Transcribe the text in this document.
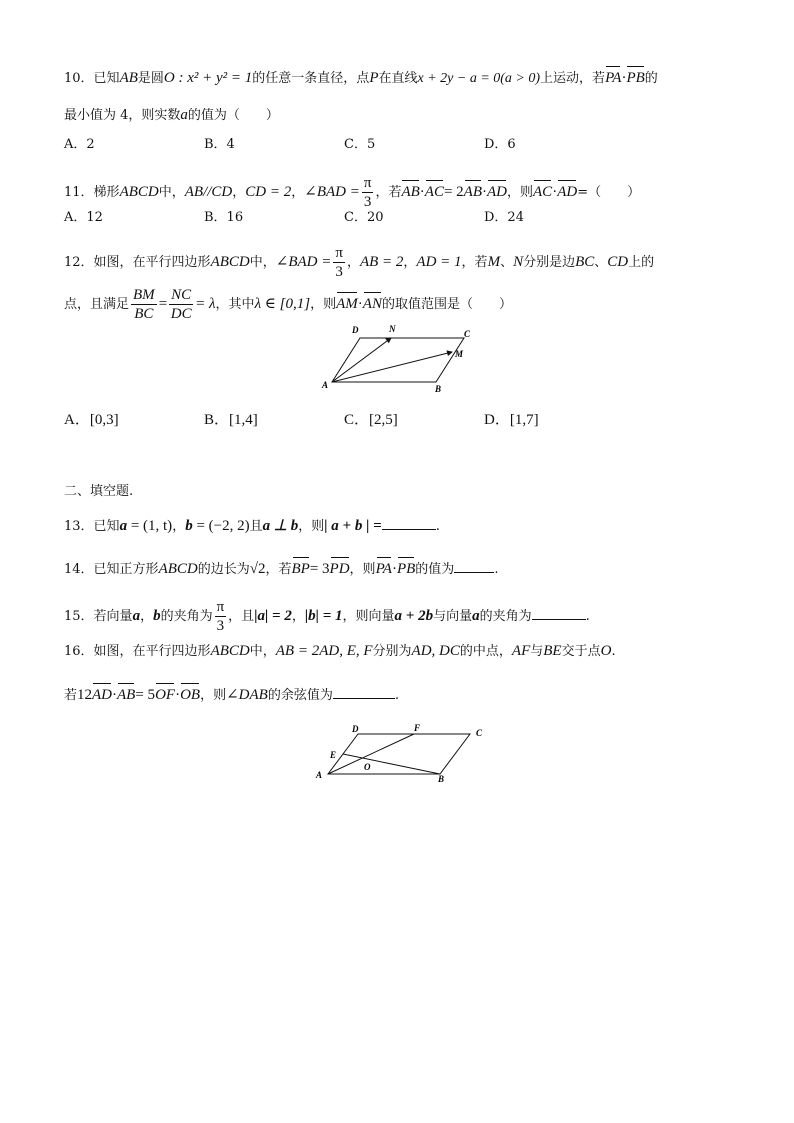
10．已知AB是圆O : x² + y² = 1的任意一条直径，点P在直线x + 2y − a = 0(a > 0)上运动，若PA·PB的
最小值为 4，则实数a的值为（　　）
A．2	B．4	C．5	D．6
11．梯形ABCD中，AB//CD，CD = 2，∠BAD = $\frac{\pi}{3}$ ，若AB·AC= 2AB·AD，则AC·AD=（　　）
A．12	B．16	C．20	D．24
12．如图，在平行四边形ABCD中，∠BAD = $\frac{\pi}{3}$ ，AB = 2，AD = 1，若M、N分别是边BC、CD上的
点，且满足 $\frac{BM}{BC} = \frac{NC}{DC} = \lambda$，其中λ ∈ [0,1]，则AM·AN的取值范围是（　　）
A	B
C
D
M
N
A．[0,3]	B．[1,4]	C．[2,5]	D．[1,7]
二、填空题.
13．已知a = (1, t)，b = (−2, 2)且a ⊥ b，则| a + b | =	.
14．已知正方形ABCD的边长为√2，若BP= 3PD，则PA·PB的值为	.
15．若向量a，b的夹角为 $\frac{\pi}{3}$ ，且|a| = 2，|b| = 1，则向量a + 2b与向量a的夹角为	.
16．如图，在平行四边形ABCD中，AB = 2AD, E, F分别为AD, DC的中点，AF与BE交于点O.
若12AD·AB= 5OF·OB，则∠DAB的余弦值为	.
A	B
C
D
E
F
O
